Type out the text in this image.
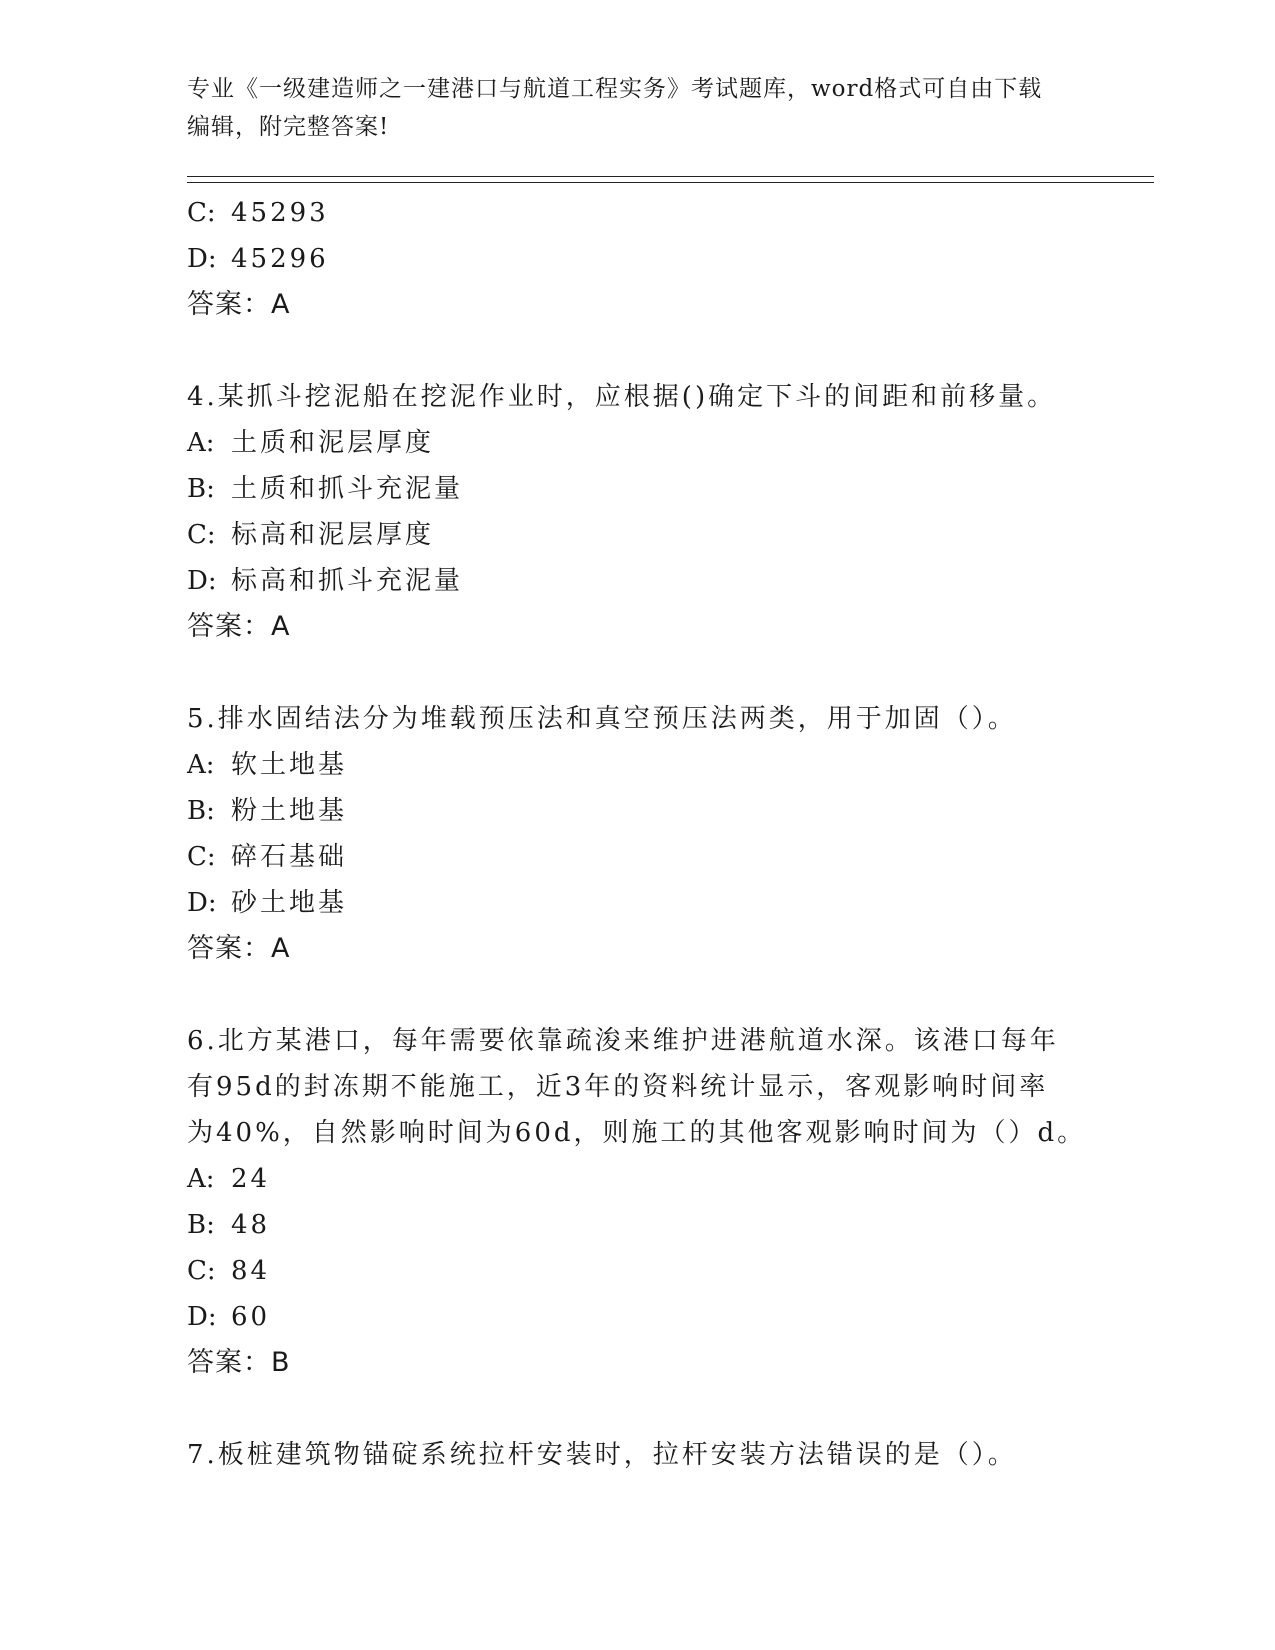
专业《一级建造师之一建港口与航道工程实务》考试题库，word格式可自由下载
编辑，附完整答案!
C: 45293
D: 45296
答案：A
4.某抓斗挖泥船在挖泥作业时，应根据()确定下斗的间距和前移量。
A: 土质和泥层厚度
B: 土质和抓斗充泥量
C: 标高和泥层厚度
D: 标高和抓斗充泥量
答案：A
5.排水固结法分为堆载预压法和真空预压法两类，用于加固（）。
A: 软土地基
B: 粉土地基
C: 碎石基础
D: 砂土地基
答案：A
6.北方某港口，每年需要依靠疏浚来维护进港航道水深。该港口每年
有95d的封冻期不能施工，近3年的资料统计显示，客观影响时间率
为40%，自然影响时间为60d，则施工的其他客观影响时间为（）d。
A: 24
B: 48
C: 84
D: 60
答案：B
7.板桩建筑物锚碇系统拉杆安装时，拉杆安装方法错误的是（）。
